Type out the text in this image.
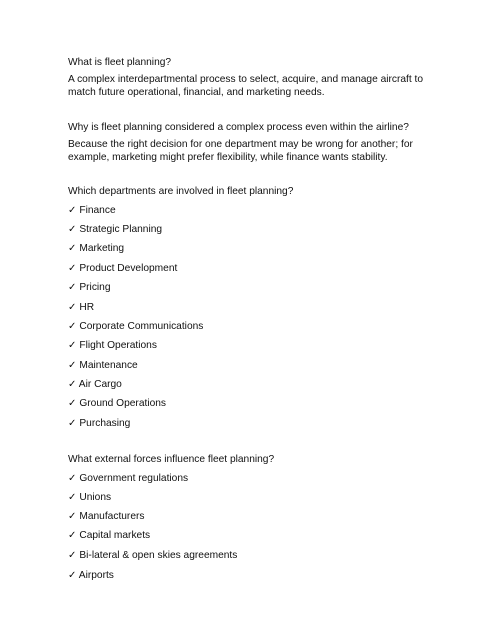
What is fleet planning?
A complex interdepartmental process to select, acquire, and manage aircraft to
match future operational, financial, and marketing needs.
Why is fleet planning considered a complex process even within the airline?
Because the right decision for one department may be wrong for another; for
example, marketing might prefer flexibility, while finance wants stability.
Which departments are involved in fleet planning?
✓ Finance
✓ Strategic Planning
✓ Marketing
✓ Product Development
✓ Pricing
✓ HR
✓ Corporate Communications
✓ Flight Operations
✓ Maintenance
✓ Air Cargo
✓ Ground Operations
✓ Purchasing
What external forces influence fleet planning?
✓ Government regulations
✓ Unions
✓ Manufacturers
✓ Capital markets
✓ Bi-lateral & open skies agreements
✓ Airports
